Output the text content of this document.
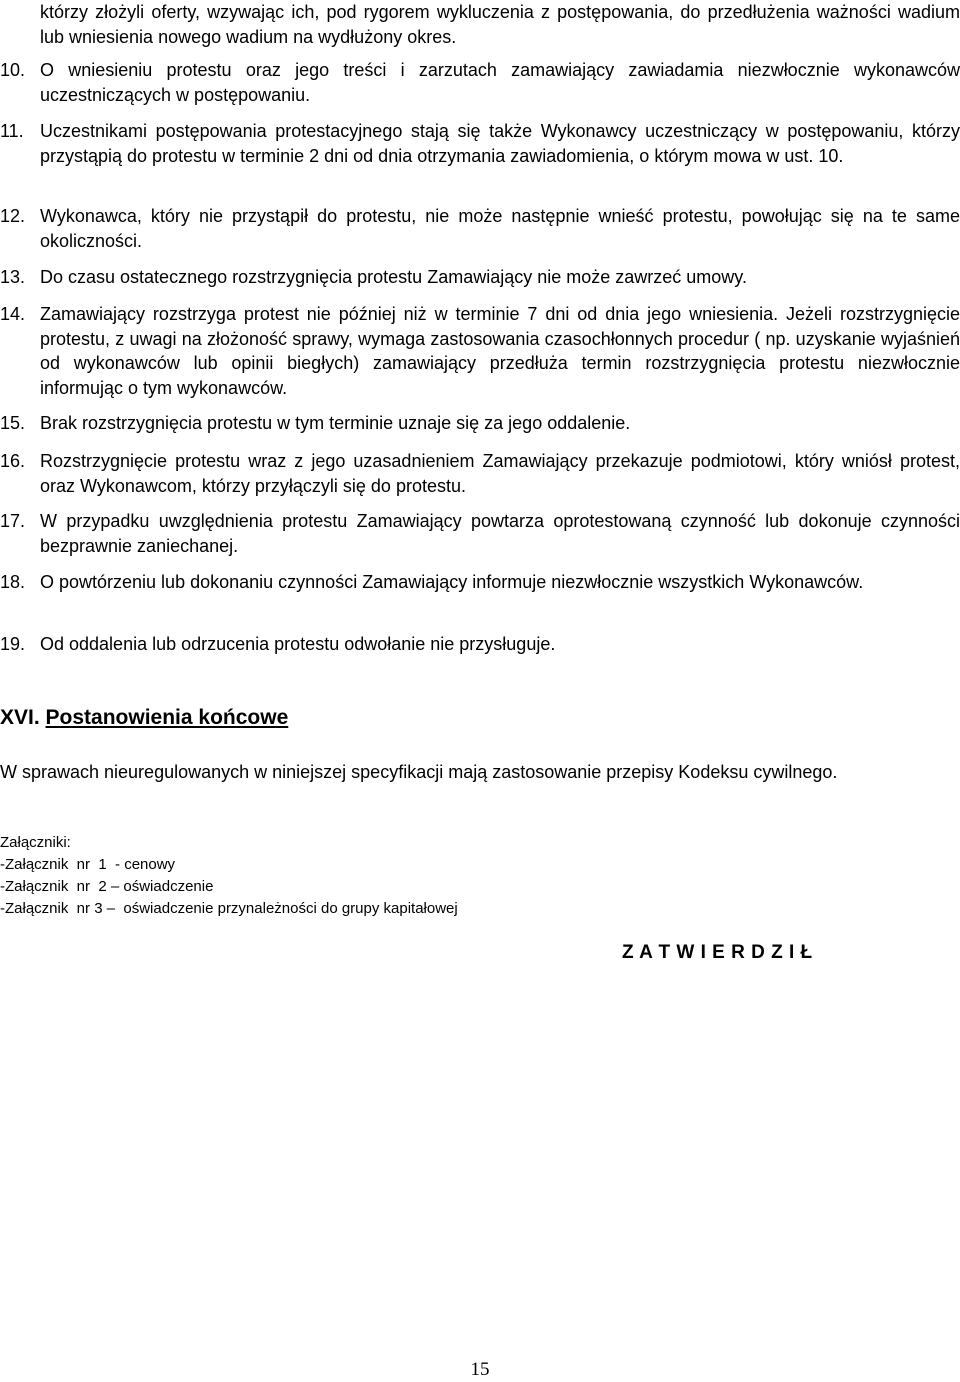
którzy złożyli oferty, wzywając ich, pod rygorem wykluczenia z postępowania, do przedłużenia ważności wadium lub wniesienia nowego wadium na wydłużony okres.
10. O wniesieniu protestu oraz jego treści i zarzutach zamawiający zawiadamia niezwłocznie wykonawców uczestniczących w postępowaniu.
11. Uczestnikami postępowania protestacyjnego stają się także Wykonawcy uczestniczący w postępowaniu, którzy przystąpią do protestu w terminie 2 dni od dnia otrzymania zawiadomienia, o którym mowa w ust. 10.
12. Wykonawca, który nie przystąpił do protestu, nie może następnie wnieść protestu, powołując się na te same okoliczności.
13. Do czasu ostatecznego rozstrzygnięcia protestu Zamawiający nie może zawrzeć umowy.
14. Zamawiający rozstrzyga protest nie później niż w terminie 7 dni od dnia jego wniesienia. Jeżeli rozstrzygnięcie protestu, z uwagi na złożoność sprawy, wymaga zastosowania czasochłonnych procedur ( np. uzyskanie wyjaśnień od wykonawców lub opinii biegłych) zamawiający przedłuża termin rozstrzygnięcia protestu niezwłocznie informując o tym wykonawców.
15. Brak rozstrzygnięcia protestu w tym terminie uznaje się za jego oddalenie.
16. Rozstrzygnięcie protestu wraz z jego uzasadnieniem Zamawiający przekazuje podmiotowi, który wniósł protest, oraz Wykonawcom, którzy przyłączyli się do protestu.
17. W przypadku uwzględnienia protestu Zamawiający powtarza oprotestowaną czynność lub dokonuje czynności bezprawnie zaniechanej.
18. O powtórzeniu lub dokonaniu czynności Zamawiający informuje niezwłocznie wszystkich Wykonawców.
19. Od oddalenia lub odrzucenia protestu odwołanie nie przysługuje.
XVI. Postanowienia końcowe
W sprawach nieuregulowanych w niniejszej specyfikacji mają zastosowanie przepisy Kodeksu cywilnego.
Załączniki:
-Załącznik  nr  1  - cenowy
-Załącznik  nr  2 – oświadczenie
-Załącznik  nr 3 –  oświadczenie przynależności do grupy kapitałowej
Z A T W I E R D Z I Ł
15
